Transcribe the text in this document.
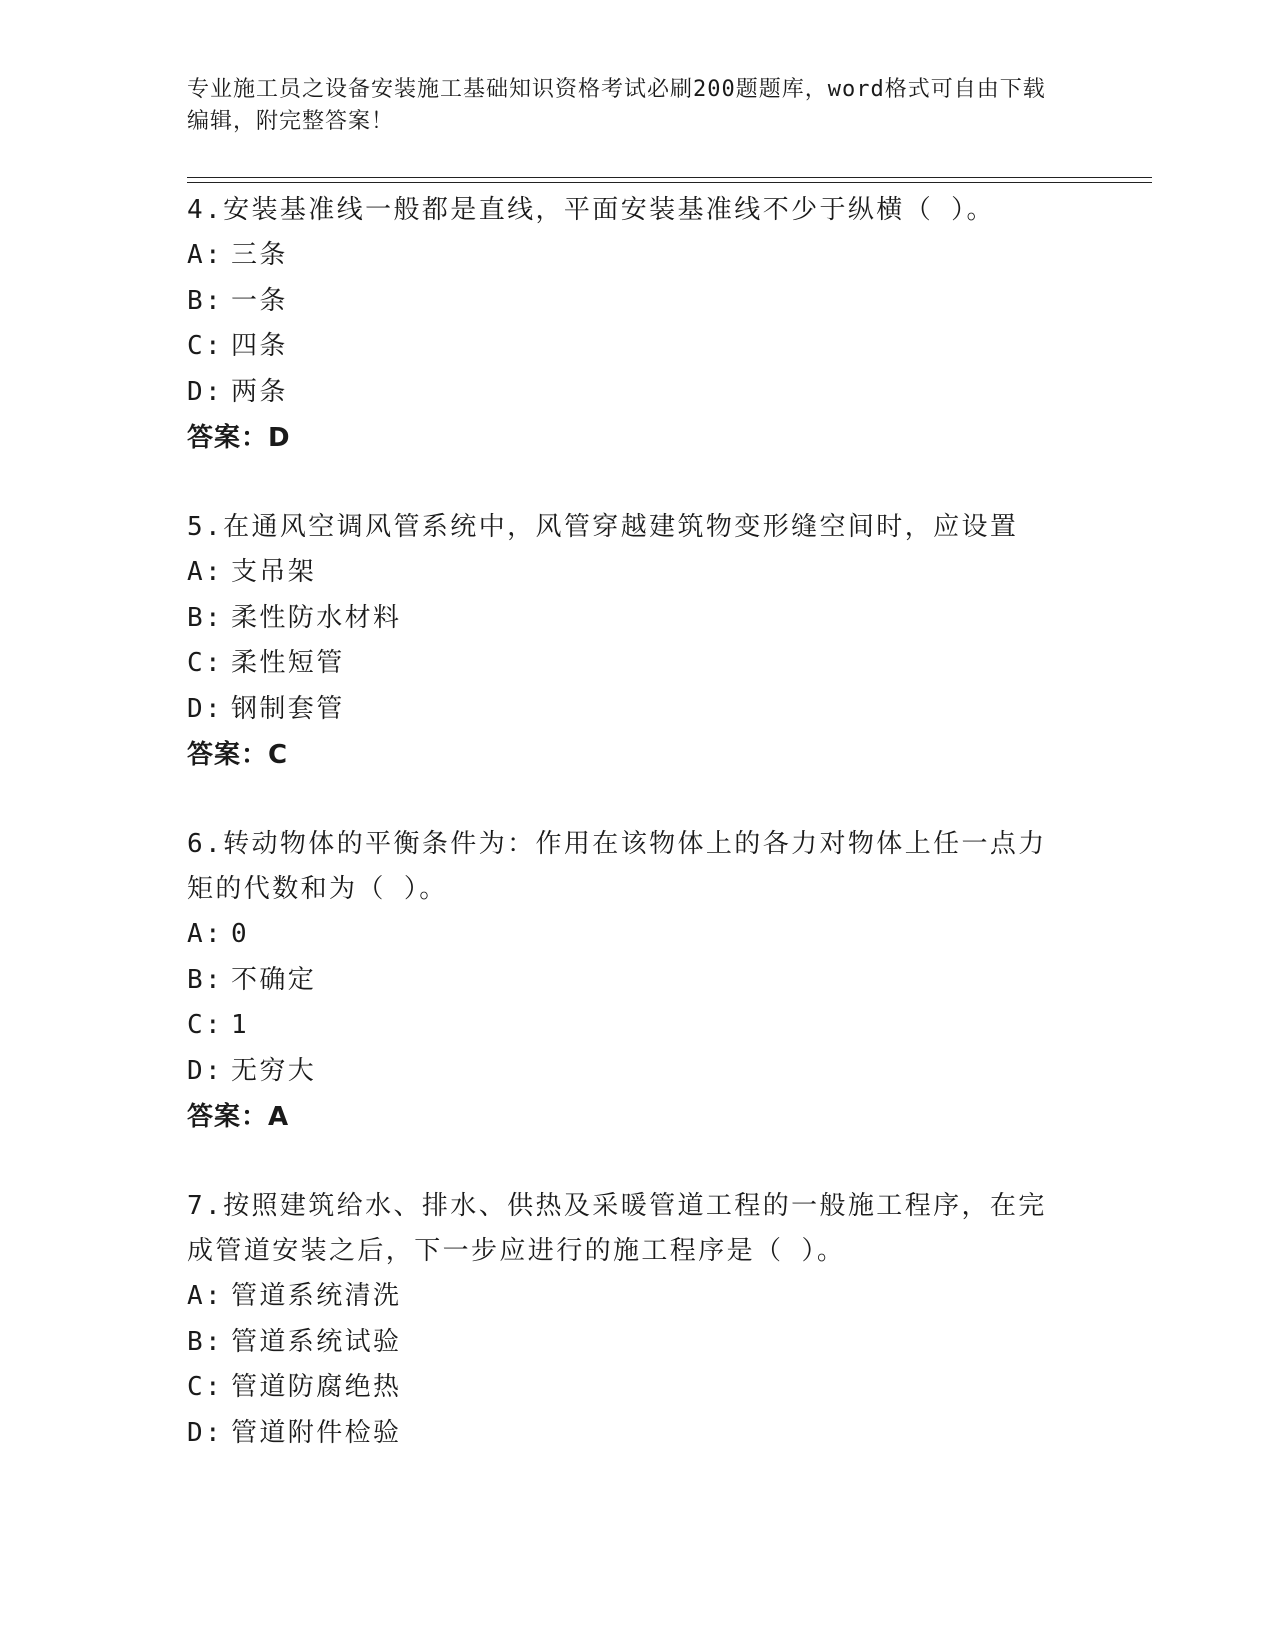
专业施工员之设备安装施工基础知识资格考试必刷200题题库，word格式可自由下载编辑，附完整答案！
4.安装基准线一般都是直线，平面安装基准线不少于纵横（ ）。
A: 三条
B: 一条
C: 四条
D: 两条
答案：D
5.在通风空调风管系统中，风管穿越建筑物变形缝空间时，应设置
A: 支吊架
B: 柔性防水材料
C: 柔性短管
D: 钢制套管
答案：C
6.转动物体的平衡条件为：作用在该物体上的各力对物体上任一点力矩的代数和为（ ）。
A: 0
B: 不确定
C: 1
D: 无穷大
答案：A
7.按照建筑给水、排水、供热及采暖管道工程的一般施工程序，在完成管道安装之后，下一步应进行的施工程序是（ ）。
A: 管道系统清洗
B: 管道系统试验
C: 管道防腐绝热
D: 管道附件检验
